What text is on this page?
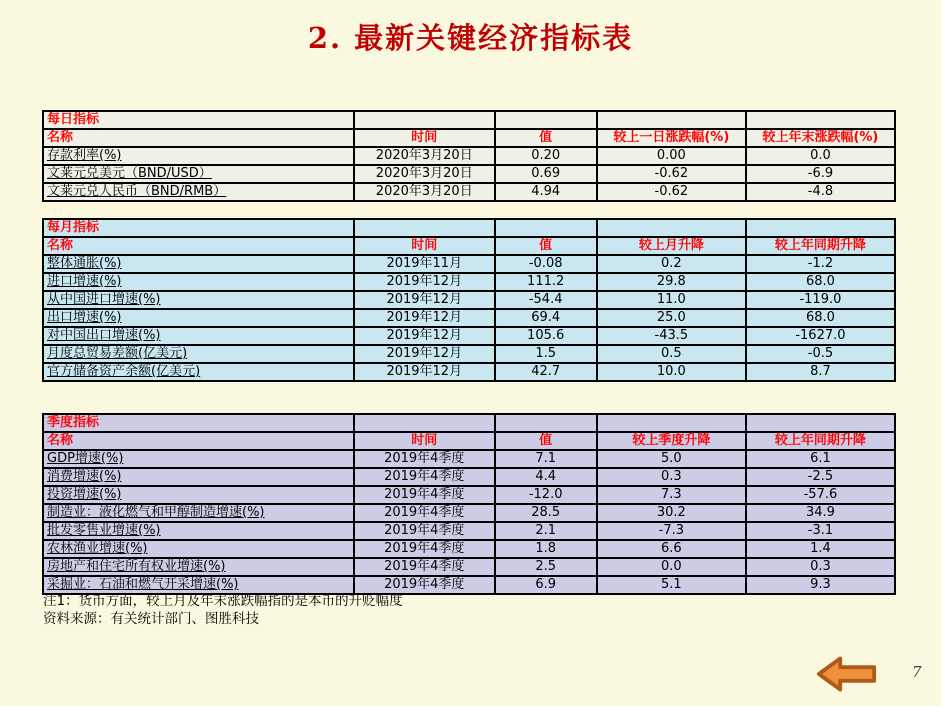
2. 最新关键经济指标表
每日指标				
名称	时间	值	较上一日涨跌幅(%)	较上年末涨跌幅(%)
存款利率(%)	2020年3月20日	0.20	0.00	0.0
文莱元兑美元（BND/USD）	2020年3月20日	0.69	-0.62	-6.9
文莱元兑人民币（BND/RMB）	2020年3月20日	4.94	-0.62	-4.8
每月指标				
名称	时间	值	较上月升降	较上年同期升降
整体通胀(%)	2019年11月	-0.08	0.2	-1.2
进口增速(%)	2019年12月	111.2	29.8	68.0
从中国进口增速(%)	2019年12月	-54.4	11.0	-119.0
出口增速(%)	2019年12月	69.4	25.0	68.0
对中国出口增速(%)	2019年12月	105.6	-43.5	-1627.0
月度总贸易差额(亿美元)	2019年12月	1.5	0.5	-0.5
官方储备资产余额(亿美元)	2019年12月	42.7	10.0	8.7
季度指标				
名称	时间	值	较上季度升降	较上年同期升降
GDP增速(%)	2019年4季度	7.1	5.0	6.1
消费增速(%)	2019年4季度	4.4	0.3	-2.5
投资增速(%)	2019年4季度	-12.0	7.3	-57.6
制造业：液化燃气和甲醇制造增速(%)	2019年4季度	28.5	30.2	34.9
批发零售业增速(%)	2019年4季度	2.1	-7.3	-3.1
农林渔业增速(%)	2019年4季度	1.8	6.6	1.4
房地产和住宅所有权业增速(%)	2019年4季度	2.5	0.0	0.3
采掘业：石油和燃气开采增速(%)	2019年4季度	6.9	5.1	9.3
注1：货币方面，较上月及年末涨跌幅指的是本币的升贬幅度
资料来源：有关统计部门、图胜科技
7
